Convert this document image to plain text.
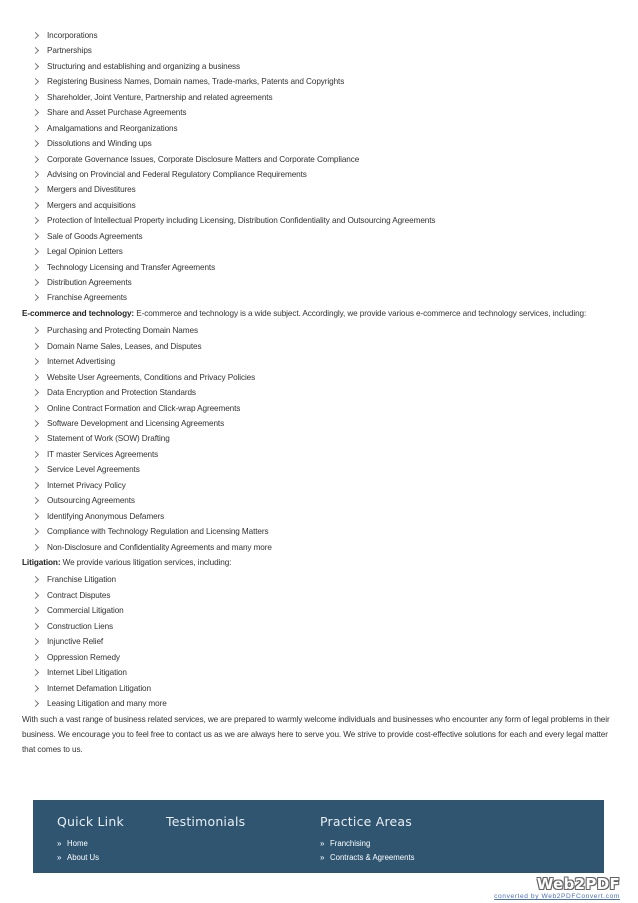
Incorporations
Partnerships
Structuring and establishing and organizing a business
Registering Business Names, Domain names, Trade-marks, Patents and Copyrights
Shareholder, Joint Venture, Partnership and related agreements
Share and Asset Purchase Agreements
Amalgamations and Reorganizations
Dissolutions and Winding ups
Corporate Governance Issues, Corporate Disclosure Matters and Corporate Compliance
Advising on Provincial and Federal Regulatory Compliance Requirements
Mergers and Divestitures
Mergers and acquisitions
Protection of Intellectual Property including Licensing, Distribution Confidentiality and Outsourcing Agreements
Sale of Goods Agreements
Legal Opinion Letters
Technology Licensing and Transfer Agreements
Distribution Agreements
Franchise Agreements

E-commerce and technology: E-commerce and technology is a wide subject. Accordingly, we provide various e-commerce and technology services, including:

Purchasing and Protecting Domain Names
Domain Name Sales, Leases, and Disputes
Internet Advertising
Website User Agreements, Conditions and Privacy Policies
Data Encryption and Protection Standards
Online Contract Formation and Click-wrap Agreements
Software Development and Licensing Agreements
Statement of Work (SOW) Drafting
IT master Services Agreements
Service Level Agreements
Internet Privacy Policy
Outsourcing Agreements
Identifying Anonymous Defamers
Compliance with Technology Regulation and Licensing Matters
Non-Disclosure and Confidentiality Agreements and many more

Litigation: We provide various litigation services, including:

Franchise Litigation
Contract Disputes
Commercial Litigation
Construction Liens
Injunctive Relief
Oppression Remedy
Internet Libel Litigation
Internet Defamation Litigation
Leasing Litigation and many more

With such a vast range of business related services, we are prepared to warmly welcome individuals and businesses who encounter any form of legal problems in their business. We encourage you to feel free to contact us as we are always here to serve you. We strive to provide cost-effective solutions for each and every legal matter that comes to us.

Quick Link
» Home
» About Us
Testimonials	Practice Areas
» Franchising
» Contracts & Agreements
Web2PDF
converted by Web2PDFConvert.com
